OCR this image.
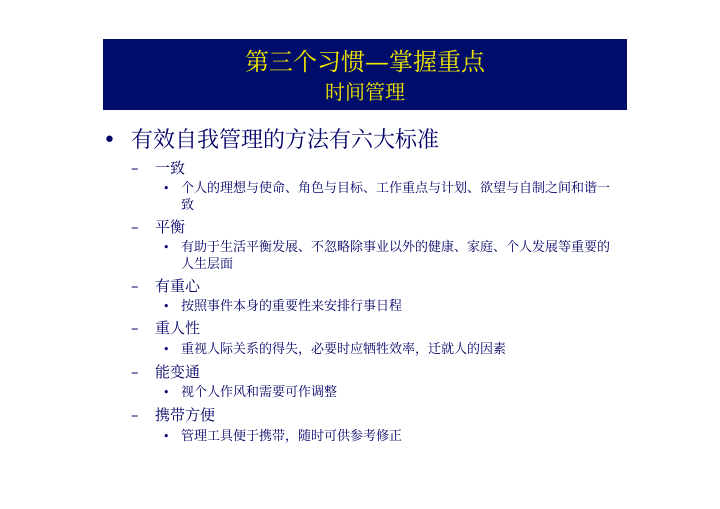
第三个习惯—掌握重点
时间管理
• 有效自我管理的方法有六大标准
– 一致
• 个人的理想与使命、角色与目标、工作重点与计划、欲望与自制之间和谐一致
– 平衡
• 有助于生活平衡发展、不忽略除事业以外的健康、家庭、个人发展等重要的人生层面
– 有重心
• 按照事件本身的重要性来安排行事日程
– 重人性
• 重视人际关系的得失，必要时应牺牲效率，迁就人的因素
– 能变通
• 视个人作风和需要可作调整
– 携带方便
• 管理工具便于携带，随时可供参考修正
